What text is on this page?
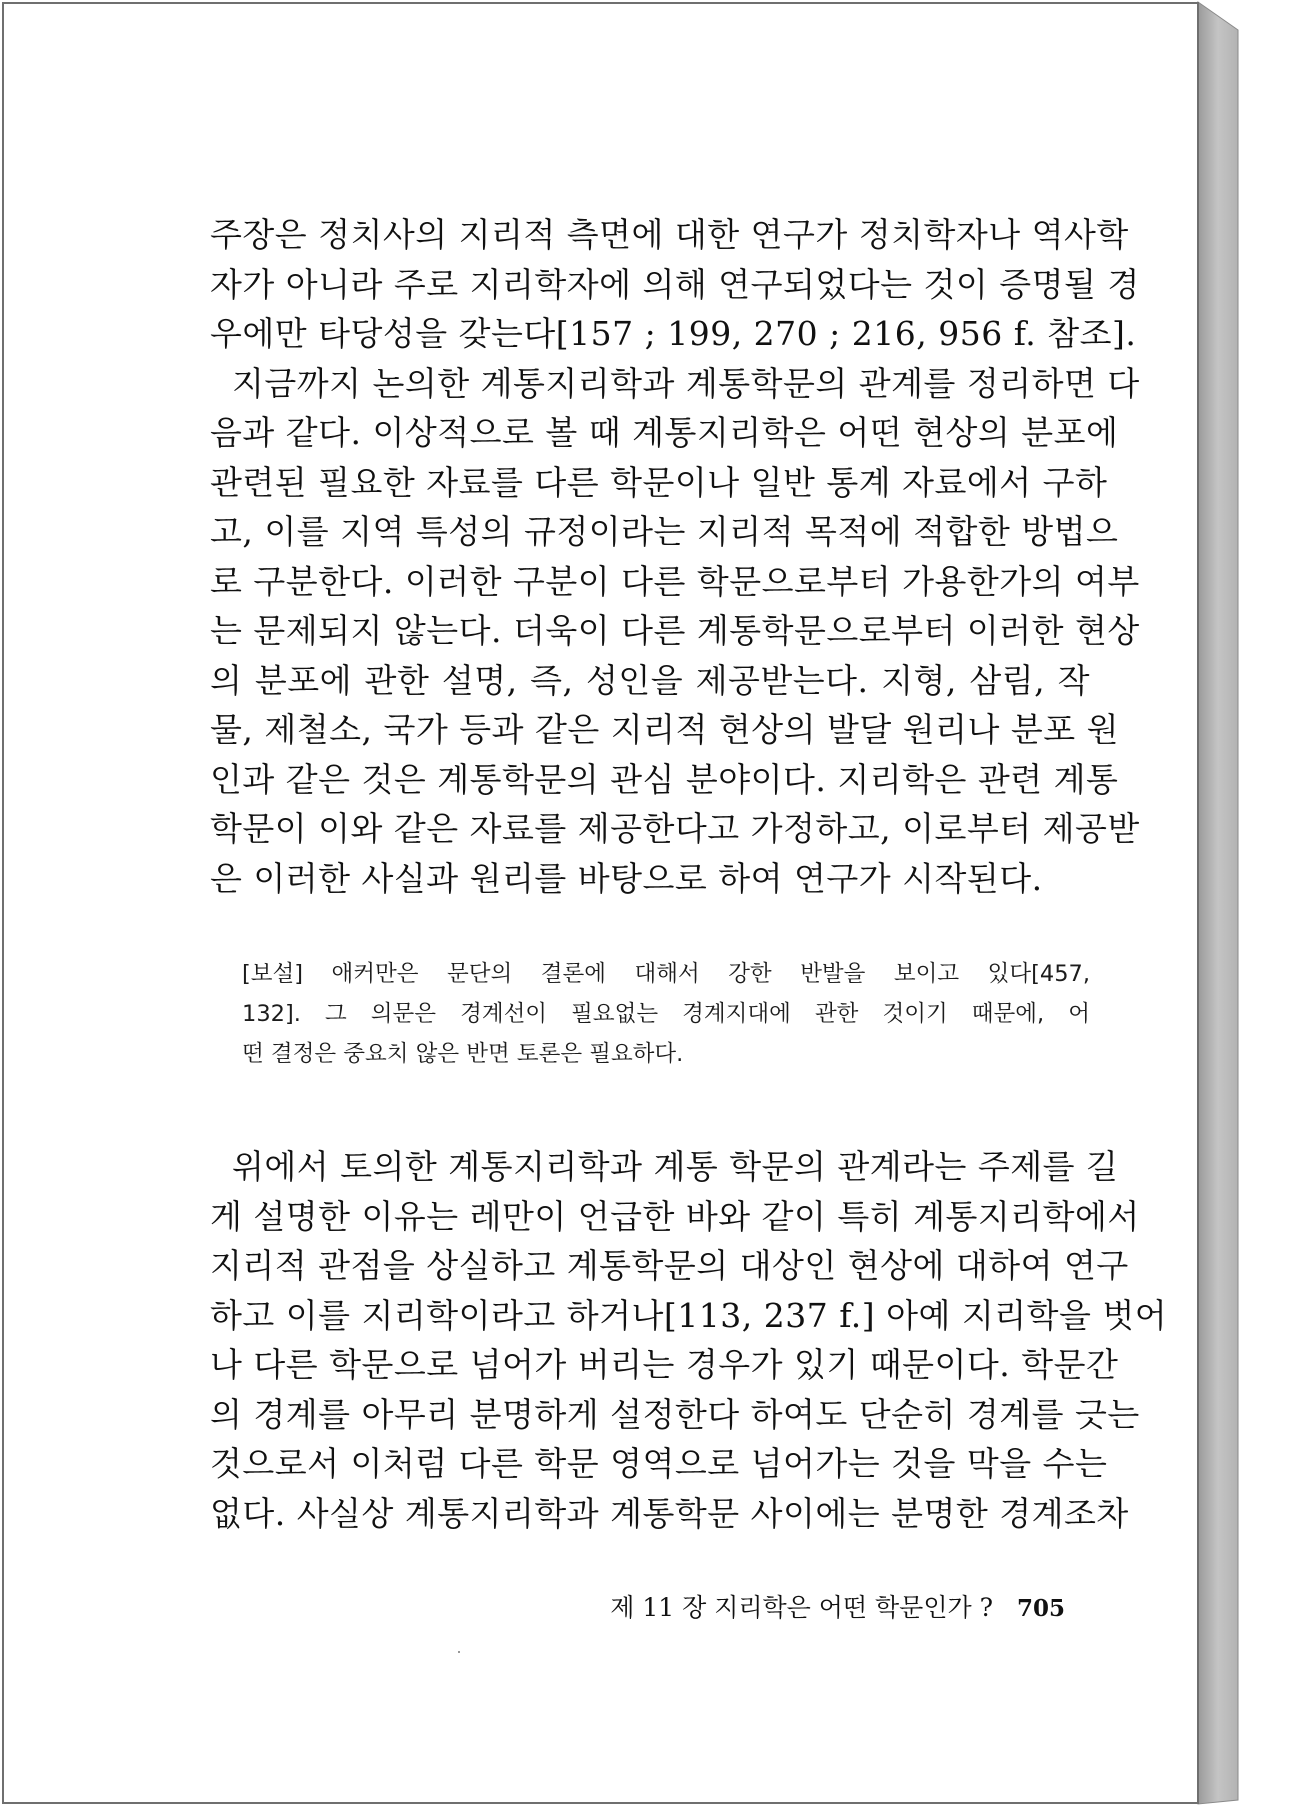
주장은 정치사의 지리적 측면에 대한 연구가 정치학자나 역사학
자가 아니라 주로 지리학자에 의해 연구되었다는 것이 증명될 경
우에만 타당성을 갖는다[157 ; 199, 270 ; 216, 956 f. 참조].
지금까지 논의한 계통지리학과 계통학문의 관계를 정리하면 다
음과 같다. 이상적으로 볼 때 계통지리학은 어떤 현상의 분포에
관련된 필요한 자료를 다른 학문이나 일반 통계 자료에서 구하
고, 이를 지역 특성의 규정이라는 지리적 목적에 적합한 방법으
로 구분한다. 이러한 구분이 다른 학문으로부터 가용한가의 여부
는 문제되지 않는다. 더욱이 다른 계통학문으로부터 이러한 현상
의 분포에 관한 설명, 즉, 성인을 제공받는다. 지형, 삼림, 작
물, 제철소, 국가 등과 같은 지리적 현상의 발달 원리나 분포 원
인과 같은 것은 계통학문의 관심 분야이다. 지리학은 관련 계통
학문이 이와 같은 자료를 제공한다고 가정하고, 이로부터 제공받
은 이러한 사실과 원리를 바탕으로 하여 연구가 시작된다.
[보설] 애커만은 문단의 결론에 대해서 강한 반발을 보이고 있다[457,
132]. 그 의문은 경계선이 필요없는 경계지대에 관한 것이기 때문에, 어
떤 결정은 중요치 않은 반면 토론은 필요하다.
위에서 토의한 계통지리학과 계통 학문의 관계라는 주제를 길
게 설명한 이유는 레만이 언급한 바와 같이 특히 계통지리학에서
지리적 관점을 상실하고 계통학문의 대상인 현상에 대하여 연구
하고 이를 지리학이라고 하거나[113, 237 f.] 아예 지리학을 벗어
나 다른 학문으로 넘어가 버리는 경우가 있기 때문이다. 학문간
의 경계를 아무리 분명하게 설정한다 하여도 단순히 경계를 긋는
것으로서 이처럼 다른 학문 영역으로 넘어가는 것을 막을 수는
없다. 사실상 계통지리학과 계통학문 사이에는 분명한 경계조차
제 11 장 지리학은 어떤 학문인가 ? 705
